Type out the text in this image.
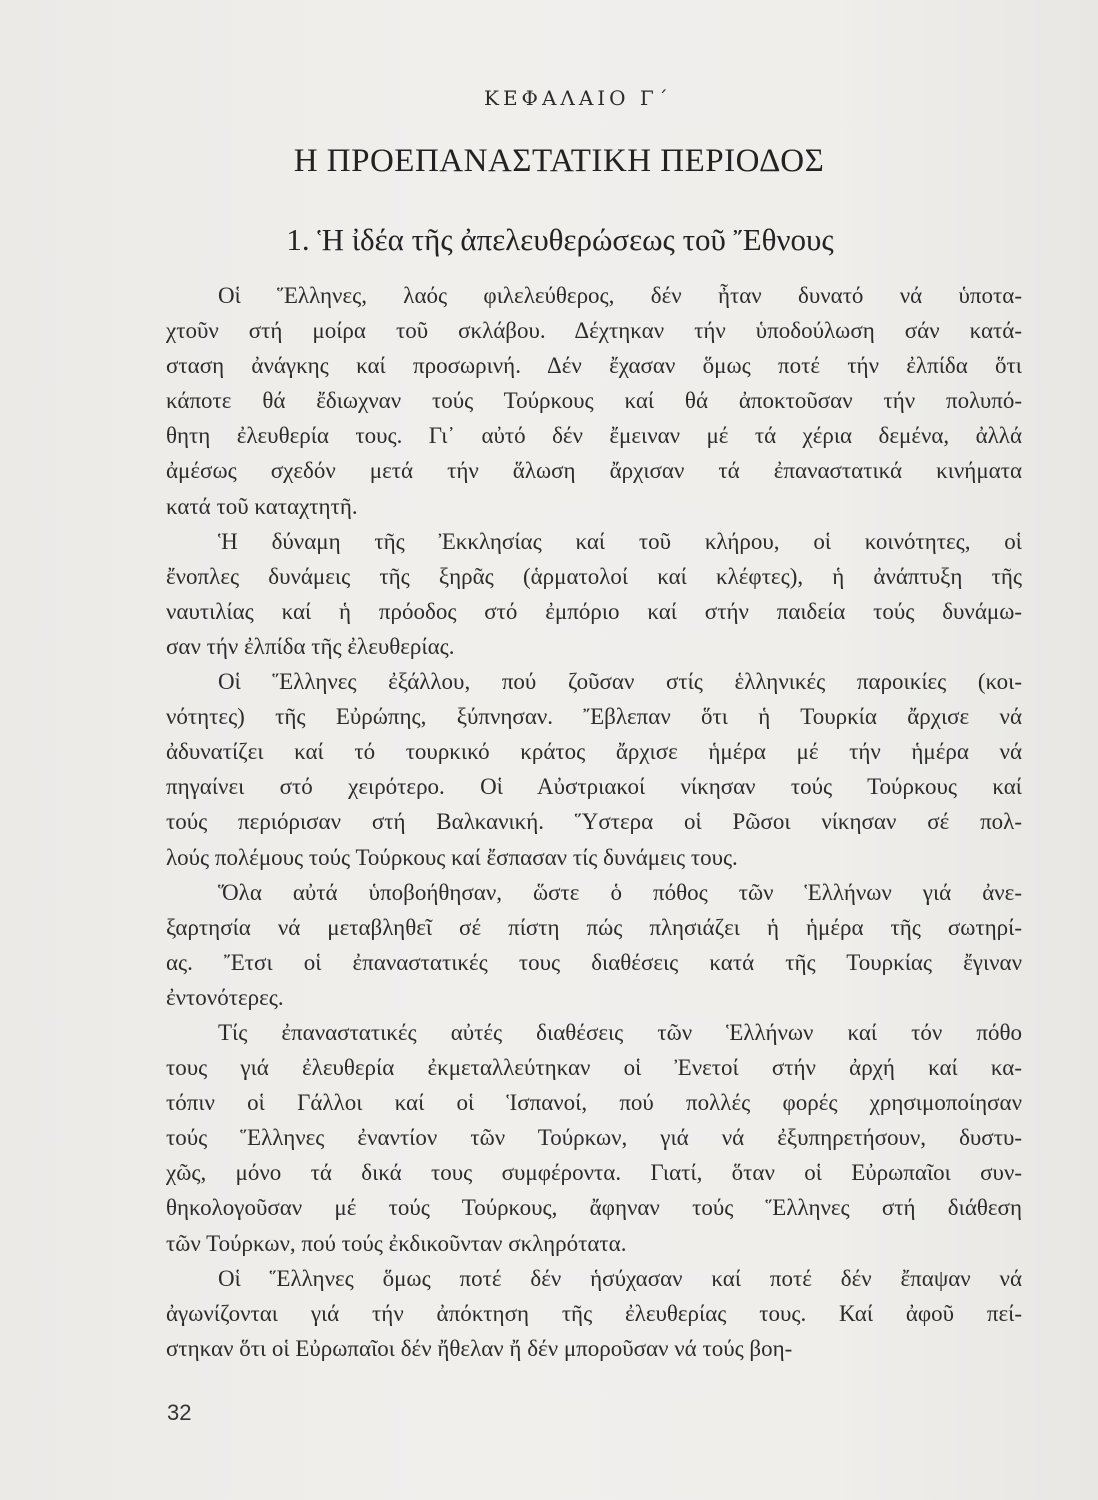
ΚΕΦΑΛΑΙΟ Γ΄
Η ΠΡΟΕΠΑΝΑΣΤΑΤΙΚΗ ΠΕΡΙΟΔΟΣ
1. Ἡ ἰδέα τῆς ἀπελευθερώσεως τοῦ Ἔθνους
Οἱ Ἕλληνες, λαός φιλελεύθερος, δέν ἦταν δυνατό νά ὑποτα-
χτοῦν στή μοίρα τοῦ σκλάβου. Δέχτηκαν τήν ὑποδούλωση σάν κατά-
σταση ἀνάγκης καί προσωρινή. Δέν ἔχασαν ὅμως ποτέ τήν ἐλπίδα ὅτι
κάποτε θά ἔδιωχναν τούς Τούρκους καί θά ἀποκτοῦσαν τήν πολυπό-
θητη ἐλευθερία τους. Γι᾽ αὐτό δέν ἔμειναν μέ τά χέρια δεμένα, ἀλλά
ἀμέσως σχεδόν μετά τήν ἅλωση ἄρχισαν τά ἐπαναστατικά κινήματα
κατά τοῦ καταχτητῆ.
Ἡ δύναμη τῆς Ἐκκλησίας καί τοῦ κλήρου, οἱ κοινότητες, οἱ
ἔνοπλες δυνάμεις τῆς ξηρᾶς (ἁρματολοί καί κλέφτες), ἡ ἀνάπτυξη τῆς
ναυτιλίας καί ἡ πρόοδος στό ἐμπόριο καί στήν παιδεία τούς δυνάμω-
σαν τήν ἐλπίδα τῆς ἐλευθερίας.
Οἱ Ἕλληνες ἐξάλλου, πού ζοῦσαν στίς ἑλληνικές παροικίες (κοι-
νότητες) τῆς Εὐρώπης, ξύπνησαν. Ἔβλεπαν ὅτι ἡ Τουρκία ἄρχισε νά
ἀδυνατίζει καί τό τουρκικό κράτος ἄρχισε ἡμέρα μέ τήν ἡμέρα νά
πηγαίνει στό χειρότερο. Οἱ Αὐστριακοί νίκησαν τούς Τούρκους καί
τούς περιόρισαν στή Βαλκανική. Ὕστερα οἱ Ρῶσοι νίκησαν σέ πολ-
λούς πολέμους τούς Τούρκους καί ἔσπασαν τίς δυνάμεις τους.
Ὅλα αὐτά ὑποβοήθησαν, ὥστε ὁ πόθος τῶν Ἑλλήνων γιά ἀνε-
ξαρτησία νά μεταβληθεῖ σέ πίστη πώς πλησιάζει ἡ ἡμέρα τῆς σωτηρί-
ας. Ἔτσι οἱ ἐπαναστατικές τους διαθέσεις κατά τῆς Τουρκίας ἔγιναν
ἐντονότερες.
Τίς ἐπαναστατικές αὐτές διαθέσεις τῶν Ἑλλήνων καί τόν πόθο
τους γιά ἐλευθερία ἐκμεταλλεύτηκαν οἱ Ἐνετοί στήν ἀρχή καί κα-
τόπιν οἱ Γάλλοι καί οἱ Ἱσπανοί, πού πολλές φορές χρησιμοποίησαν
τούς Ἕλληνες ἐναντίον τῶν Τούρκων, γιά νά ἐξυπηρετήσουν, δυστυ-
χῶς, μόνο τά δικά τους συμφέροντα. Γιατί, ὅταν οἱ Εὐρωπαῖοι συν-
θηκολογοῦσαν μέ τούς Τούρκους, ἄφηναν τούς Ἕλληνες στή διάθεση
τῶν Τούρκων, πού τούς ἐκδικοῦνταν σκληρότατα.
Οἱ Ἕλληνες ὅμως ποτέ δέν ἡσύχασαν καί ποτέ δέν ἔπαψαν νά
ἀγωνίζονται γιά τήν ἀπόκτηση τῆς ἐλευθερίας τους. Καί ἀφοῦ πεί-
στηκαν ὅτι οἱ Εὐρωπαῖοι δέν ἤθελαν ἤ δέν μποροῦσαν νά τούς βοη-
32
